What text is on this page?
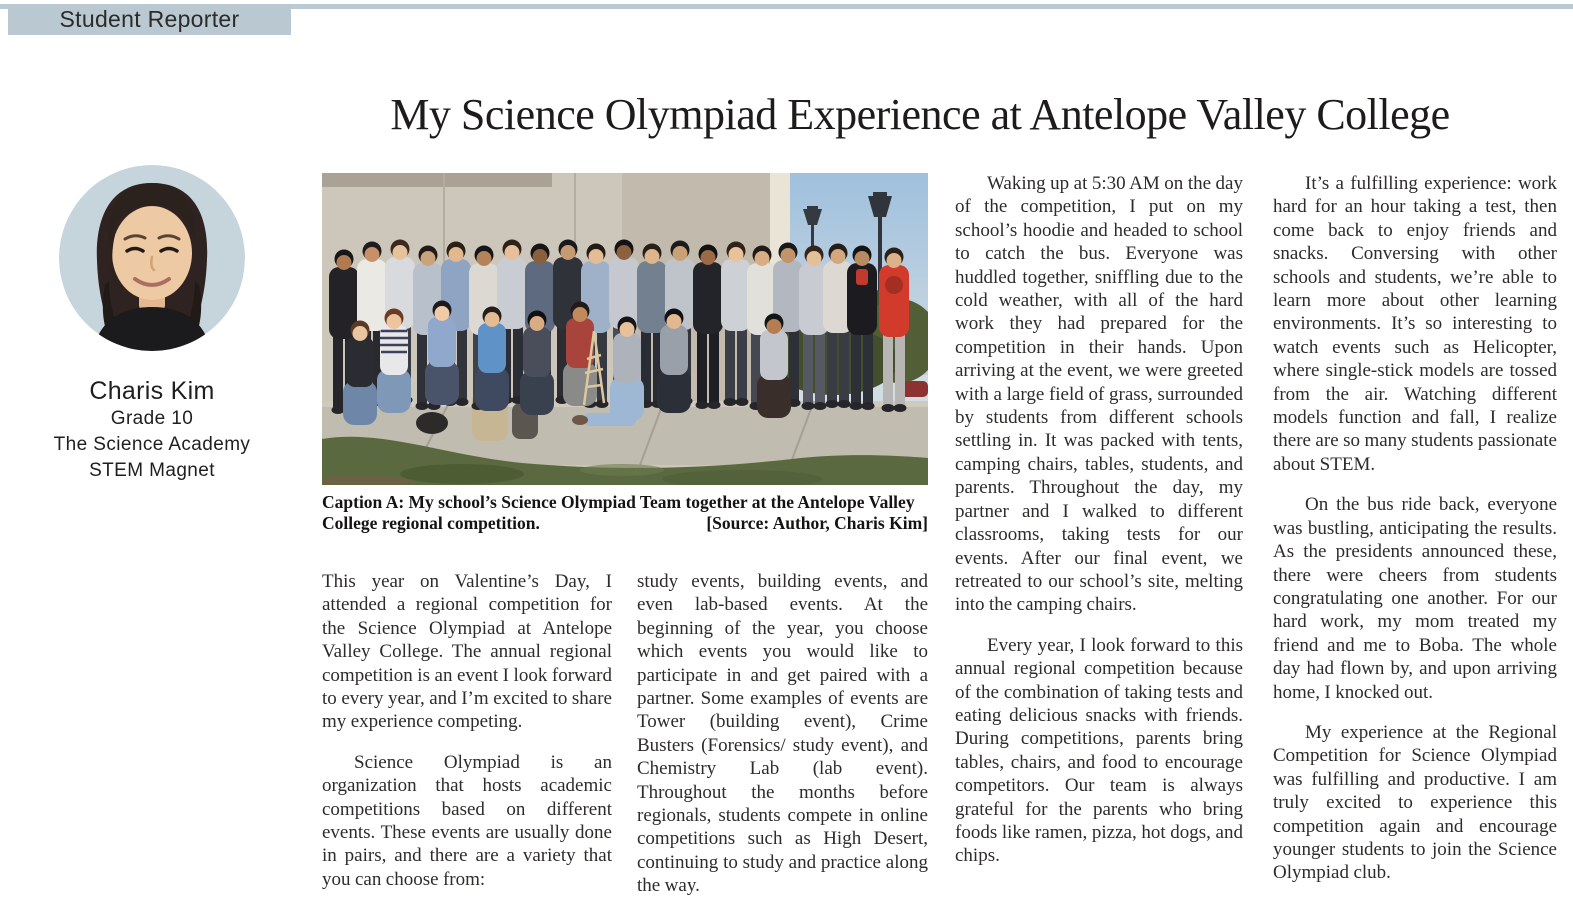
Student Reporter
My Science Olympiad Experience at Antelope Valley College
Charis Kim
Grade 10
The Science Academy
STEM Magnet
Caption A: My school’s Science Olympiad Team together at the Antelope Valley College regional competition.	[Source: Author, Charis Kim]

This year on Valentine’s Day, I attended a regional competition for the Science Olympiad at Antelope Valley College. The annual regional competition is an event I look forward to every year, and I’m excited to share my experience competing.

Science Olympiad is an organization that hosts academic competitions based on different events. These events are usually done in pairs, and there are a variety that you can choose from:

study events, building events, and even lab-based events. At the beginning of the year, you choose which events you would like to participate in and get paired with a partner. Some examples of events are Tower (building event), Crime Busters (Forensics/ study event), and Chemistry Lab (lab event). Throughout the months before regionals, students compete in online competitions such as High Desert, continuing to study and practice along the way.

Waking up at 5:30 AM on the day of the competition, I put on my school’s hoodie and headed to school to catch the bus. Everyone was huddled together, sniffling due to the cold weather, with all of the hard work they had prepared for the competition in their hands. Upon arriving at the event, we were greeted with a large field of grass, surrounded by students from different schools settling in. It was packed with tents, camping chairs, tables, students, and parents. Throughout the day, my partner and I walked to different classrooms, taking tests for our events. After our final event, we retreated to our school’s site, melting into the camping chairs.

Every year, I look forward to this annual regional competition because of the combination of taking tests and eating delicious snacks with friends. During competitions, parents bring tables, chairs, and food to encourage competitors. Our team is always grateful for the parents who bring foods like ramen, pizza, hot dogs, and chips.

It’s a fulfilling experience: work hard for an hour taking a test, then come back to enjoy friends and snacks. Conversing with other schools and students, we’re able to learn more about other learning environments. It’s so interesting to watch events such as Helicopter, where single-stick models are tossed from the air. Watching different models function and fall, I realize there are so many students passionate about STEM.

On the bus ride back, everyone was bustling, anticipating the results. As the presidents announced these, there were cheers from students congratulating one another. For our hard work, my mom treated my friend and me to Boba. The whole day had flown by, and upon arriving home, I knocked out.

My experience at the Regional Competition for Science Olympiad was fulfilling and productive. I am truly excited to experience this competition again and encourage younger students to join the Science Olympiad club.
